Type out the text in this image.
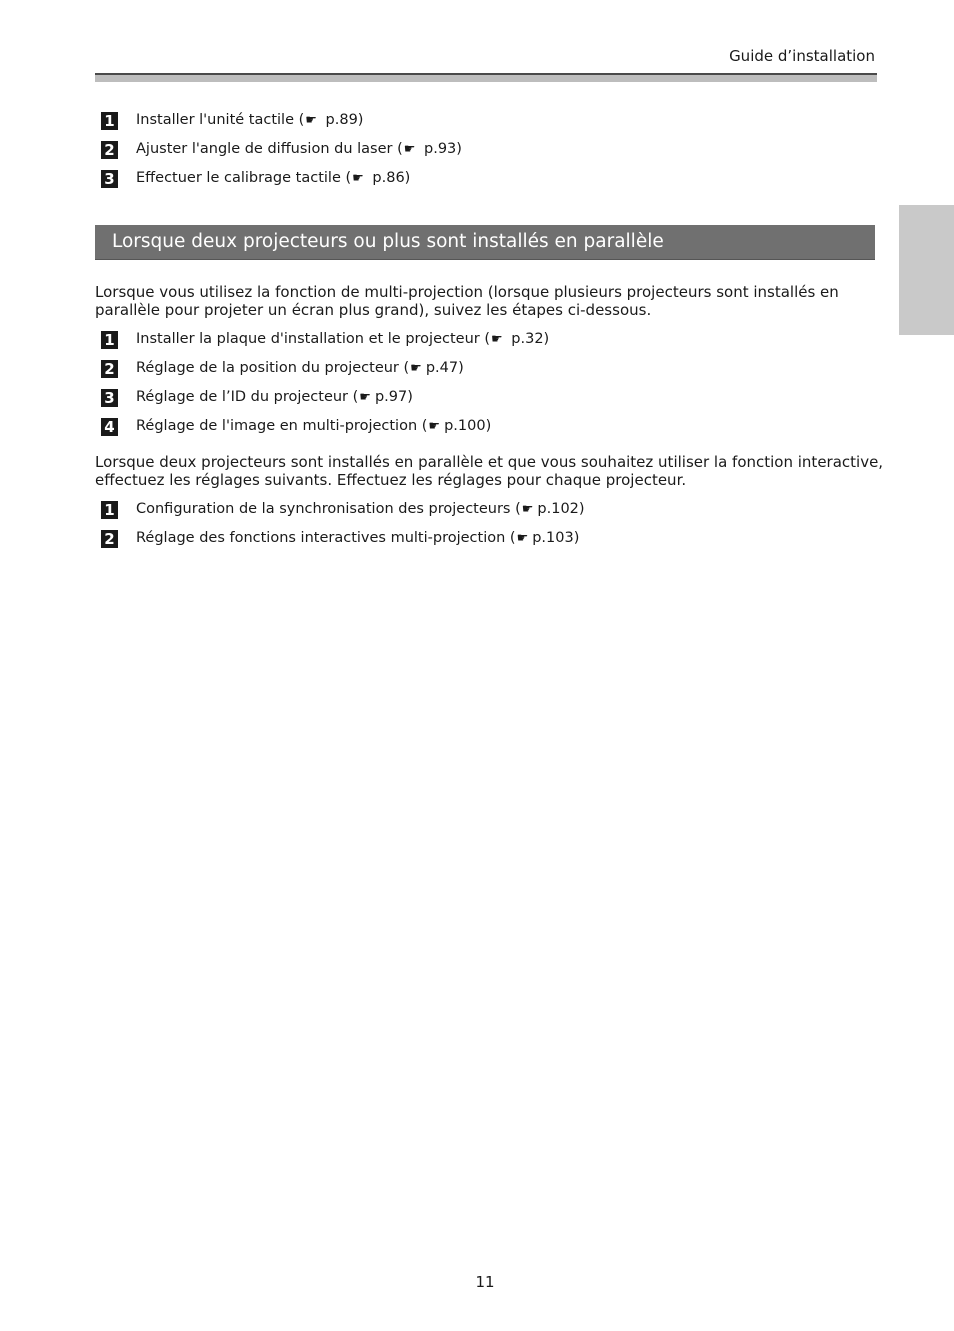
Guide d’installation
1 Installer l'unité tactile (☛ p.89)
2 Ajuster l'angle de diffusion du laser (☛ p.93)
3 Effectuer le calibrage tactile (☛ p.86)
Lorsque deux projecteurs ou plus sont installés en parallèle

Lorsque vous utilisez la fonction de multi-projection (lorsque plusieurs projecteurs sont installés en parallèle pour projeter un écran plus grand), suivez les étapes ci-dessous.

1 Installer la plaque d'installation et le projecteur (☛ p.32)
2 Réglage de la position du projecteur (☛ p.47)
3 Réglage de l’ID du projecteur (☛ p.97)
4 Réglage de l'image en multi-projection (☛ p.100)

Lorsque deux projecteurs sont installés en parallèle et que vous souhaitez utiliser la fonction interactive, effectuez les réglages suivants. Effectuez les réglages pour chaque projecteur.

1 Configuration de la synchronisation des projecteurs (☛ p.102)
2 Réglage des fonctions interactives multi-projection (☛ p.103)
11
